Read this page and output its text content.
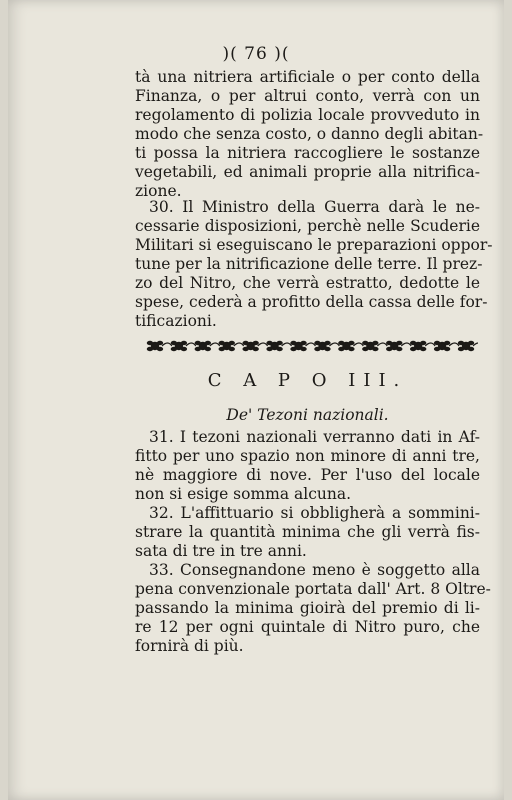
)( 76 )(
tà una nitriera artificiale o per conto della
Finanza, o per altrui conto, verrà con un
regolamento di polizia locale provveduto in
modo che senza costo, o danno degli abitan-
ti possa la nitriera raccogliere le sostanze
vegetabili, ed animali proprie alla nitrifica-
zione.
30. Il Ministro della Guerra darà le ne-
cessarie disposizioni, perchè nelle Scuderie
Militari si eseguiscano le preparazioni oppor-
tune per la nitrificazione delle terre. Il prez-
zo del Nitro, che verrà estratto, dedotte le
spese, cederà a profitto della cassa delle for-
tificazioni.
C A P O III.
De' Tezoni nazionali.
31. I tezoni nazionali verranno dati in Af-
fitto per uno spazio non minore di anni tre,
nè maggiore di nove. Per l'uso del locale
non si esige somma alcuna.
32. L'affittuario si obbligherà a sommini-
strare la quantità minima che gli verrà fis-
sata di tre in tre anni.
33. Consegnandone meno è soggetto alla
pena convenzionale portata dall' Art. 8 Oltre-
passando la minima gioirà del premio di li-
re 12 per ogni quintale di Nitro puro, che
fornirà di più.
